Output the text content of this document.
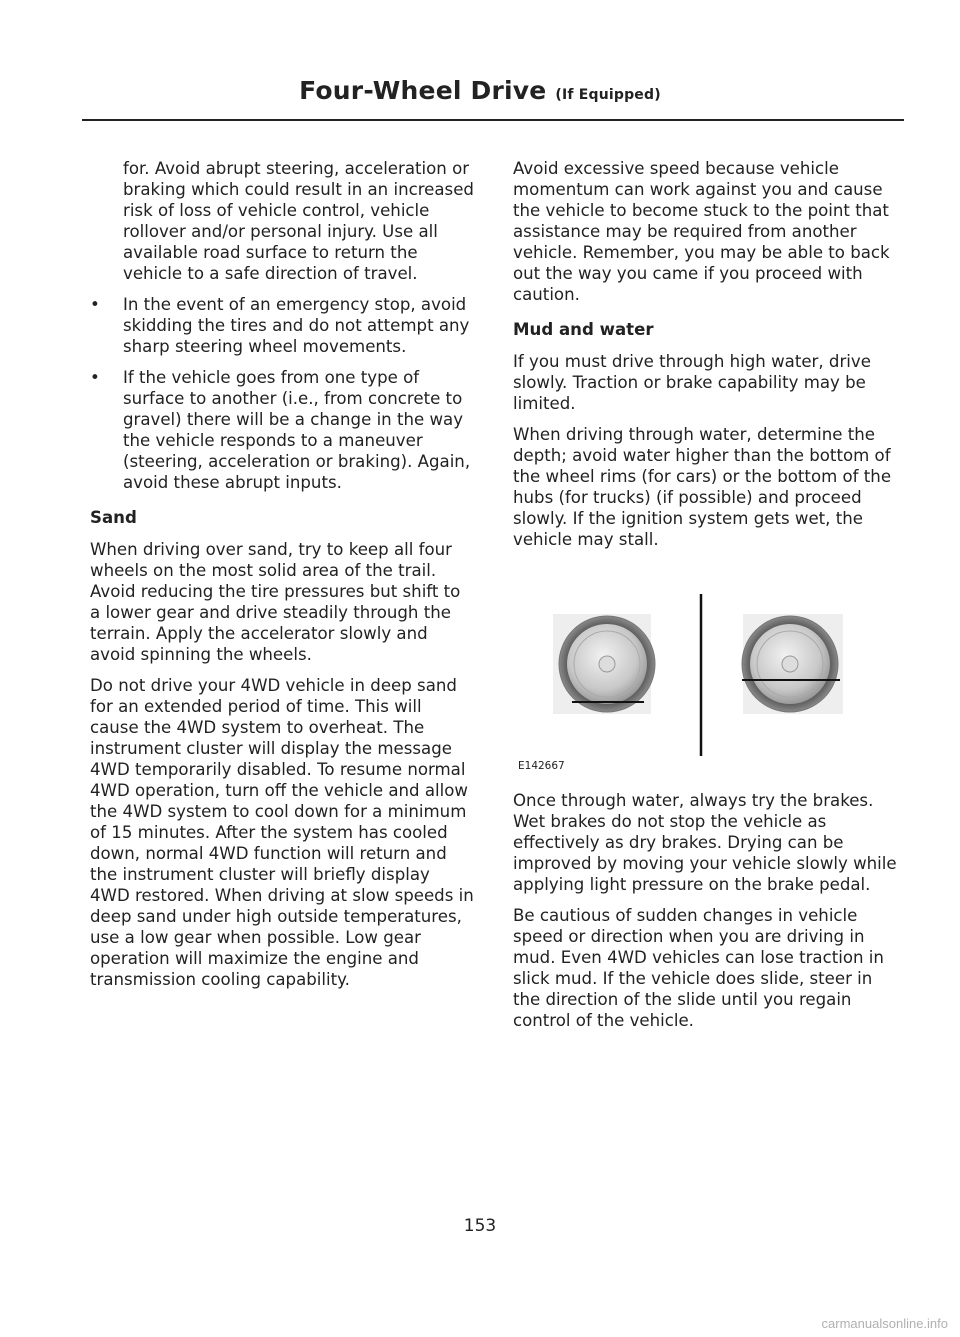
Four-Wheel Drive (If Equipped)

for. Avoid abrupt steering, acceleration or braking which could result in an increased risk of loss of vehicle control, vehicle rollover and/or personal injury. Use all available road surface to return the vehicle to a safe direction of travel.

• In the event of an emergency stop, avoid skidding the tires and do not attempt any sharp steering wheel movements.
• If the vehicle goes from one type of surface to another (i.e., from concrete to gravel) there will be a change in the way the vehicle responds to a maneuver (steering, acceleration or braking). Again, avoid these abrupt inputs.
Sand

When driving over sand, try to keep all four wheels on the most solid area of the trail. Avoid reducing the tire pressures but shift to a lower gear and drive steadily through the terrain. Apply the accelerator slowly and avoid spinning the wheels.

Do not drive your 4WD vehicle in deep sand for an extended period of time. This will cause the 4WD system to overheat. The instrument cluster will display the message 4WD temporarily disabled. To resume normal 4WD operation, turn off the vehicle and allow the 4WD system to cool down for a minimum of 15 minutes. After the system has cooled down, normal 4WD function will return and the instrument cluster will briefly display 4WD restored. When driving at slow speeds in deep sand under high outside temperatures, use a low gear when possible. Low gear operation will maximize the engine and transmission cooling capability.

Avoid excessive speed because vehicle momentum can work against you and cause the vehicle to become stuck to the point that assistance may be required from another vehicle. Remember, you may be able to back out the way you came if you proceed with caution.

Mud and water

If you must drive through high water, drive slowly. Traction or brake capability may be limited.

When driving through water, determine the depth; avoid water higher than the bottom of the wheel rims (for cars) or the bottom of the hubs (for trucks) (if possible) and proceed slowly. If the ignition system gets wet, the vehicle may stall.

E142667

Once through water, always try the brakes. Wet brakes do not stop the vehicle as effectively as dry brakes. Drying can be improved by moving your vehicle slowly while applying light pressure on the brake pedal.

Be cautious of sudden changes in vehicle speed or direction when you are driving in mud. Even 4WD vehicles can lose traction in slick mud. If the vehicle does slide, steer in the direction of the slide until you regain control of the vehicle.

153
carmanualsonline.info
